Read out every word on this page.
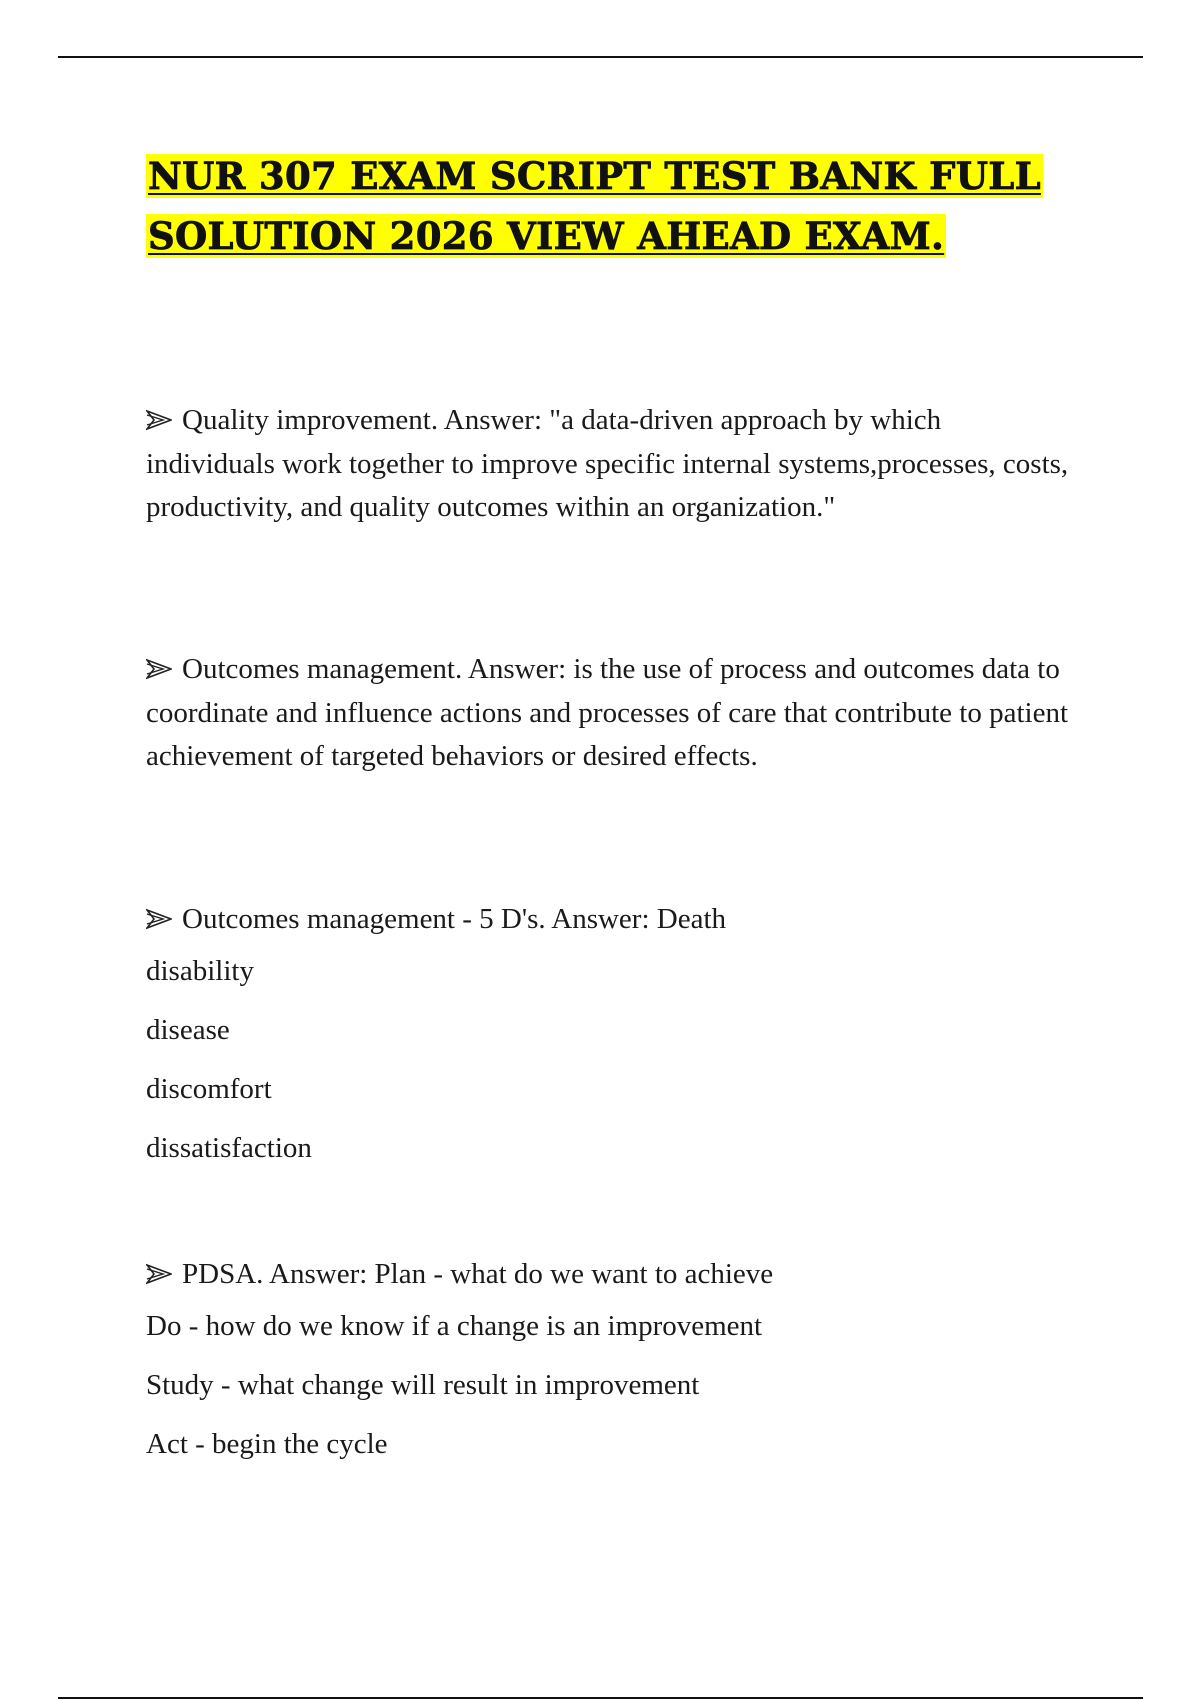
NUR 307 EXAM SCRIPT TEST BANK FULL SOLUTION 2026 VIEW AHEAD EXAM.

Quality improvement. Answer: "a data-driven approach by which individuals work together to improve specific internal systems,processes, costs, productivity, and quality outcomes within an organization."

Outcomes management. Answer: is the use of process and outcomes data to coordinate and influence actions and processes of care that contribute to patient achievement of targeted behaviors or desired effects.

Outcomes management - 5 D's. Answer: Death

disability

disease

discomfort

dissatisfaction

PDSA. Answer: Plan - what do we want to achieve

Do - how do we know if a change is an improvement

Study - what change will result in improvement

Act - begin the cycle
